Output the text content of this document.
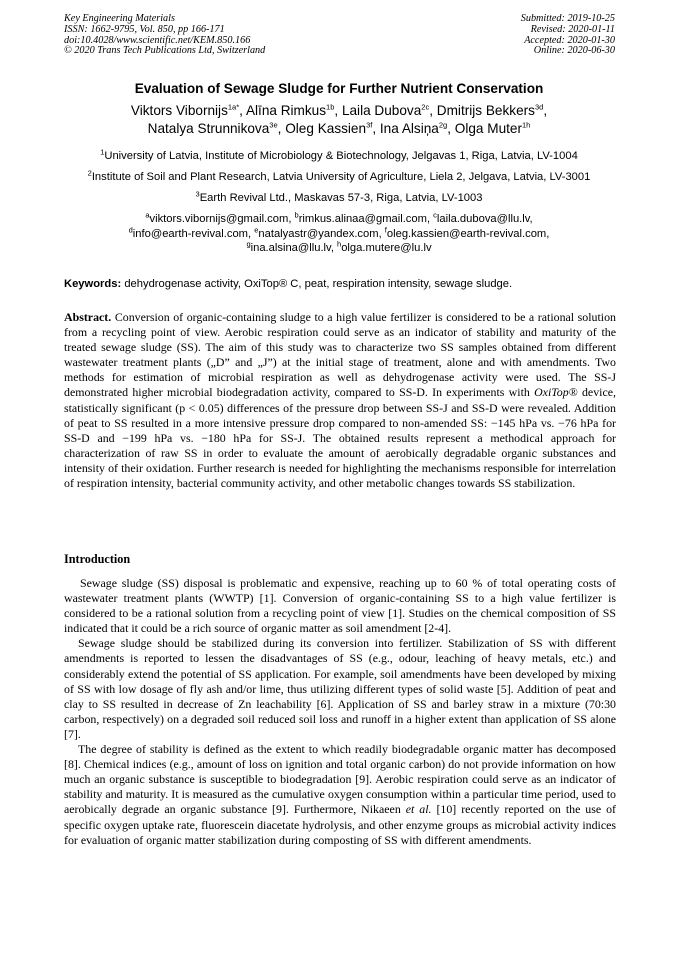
Key Engineering Materials
ISSN: 1662-9795, Vol. 850, pp 166-171
doi:10.4028/www.scientific.net/KEM.850.166
© 2020 Trans Tech Publications Ltd, Switzerland
Submitted: 2019-10-25
Revised: 2020-01-11
Accepted: 2020-01-30
Online: 2020-06-30
Evaluation of Sewage Sludge for Further Nutrient Conservation
Viktors Vibornijs$^{1a*}$, Alīna Rimkus$^{1b}$, Laila Dubova$^{2c}$, Dmitrijs Bekkers$^{3d}$,
Natalya Strunnikova$^{3e}$, Oleg Kassien$^{3f}$, Ina Alsiņa$^{2g}$, Olga Muter$^{1h}$
$^1$University of Latvia, Institute of Microbiology & Biotechnology, Jelgavas 1, Riga, Latvia, LV-1004
$^2$Institute of Soil and Plant Research, Latvia University of Agriculture, Liela 2, Jelgava, Latvia, LV-3001
$^3$Earth Revival Ltd., Maskavas 57-3, Riga, Latvia, LV-1003
$^a$viktors.vibornijs@gmail.com, $^b$rimkus.alinaa@gmail.com, $^c$laila.dubova@llu.lv,
$^d$info@earth-revival.com, $^e$natalyastr@yandex.com, $^f$oleg.kassien@earth-revival.com,
$^g$ina.alsina@llu.lv, $^h$olga.mutere@lu.lv
Keywords: dehydrogenase activity, OxiTop® C, peat, respiration intensity, sewage sludge.
Abstract. Conversion of organic-containing sludge to a high value fertilizer is considered to be a rational solution from a recycling point of view. Aerobic respiration could serve as an indicator of stability and maturity of the treated sewage sludge (SS). The aim of this study was to characterize two SS samples obtained from different wastewater treatment plants („D” and „J”) at the initial stage of treatment, alone and with amendments. Two methods for estimation of microbial respiration as well as dehydrogenase activity were used. The SS-J demonstrated higher microbial biodegradation activity, compared to SS-D. In experiments with OxiTop® device, statistically significant (p < 0.05) differences of the pressure drop between SS-J and SS-D were revealed. Addition of peat to SS resulted in a more intensive pressure drop compared to non-amended SS: −145 hPa vs. −76 hPa for SS-D and −199 hPa vs. −180 hPa for SS-J. The obtained results represent a methodical approach for characterization of raw SS in order to evaluate the amount of aerobically degradable organic substances and intensity of their oxidation. Further research is needed for highlighting the mechanisms responsible for interrelation of respiration intensity, bacterial community activity, and other metabolic changes towards SS stabilization.
Introduction

Sewage sludge (SS) disposal is problematic and expensive, reaching up to 60 % of total operating costs of wastewater treatment plants (WWTP) [1]. Conversion of organic-containing SS to a high value fertilizer is considered to be a rational solution from a recycling point of view [1]. Studies on the chemical composition of SS indicated that it could be a rich source of organic matter as soil amendment [2-4].

Sewage sludge should be stabilized during its conversion into fertilizer. Stabilization of SS with different amendments is reported to lessen the disadvantages of SS (e.g., odour, leaching of heavy metals, etc.) and considerably extend the potential of SS application. For example, soil amendments have been developed by mixing of SS with low dosage of fly ash and/or lime, thus utilizing different types of solid waste [5]. Addition of peat and clay to SS resulted in decrease of Zn leachability [6]. Application of SS and barley straw in a mixture (70:30 carbon, respectively) on a degraded soil reduced soil loss and runoff in a higher extent than application of SS alone [7].

The degree of stability is defined as the extent to which readily biodegradable organic matter has decomposed [8]. Chemical indices (e.g., amount of loss on ignition and total organic carbon) do not provide information on how much an organic substance is susceptible to biodegradation [9]. Aerobic respiration could serve as an indicator of stability and maturity. It is measured as the cumulative oxygen consumption within a particular time period, used to aerobically degrade an organic substance [9]. Furthermore, Nikaeen et al. [10] recently reported on the use of specific oxygen uptake rate, fluorescein diacetate hydrolysis, and other enzyme groups as microbial activity indices for evaluation of organic matter stabilization during composting of SS with different amendments.
